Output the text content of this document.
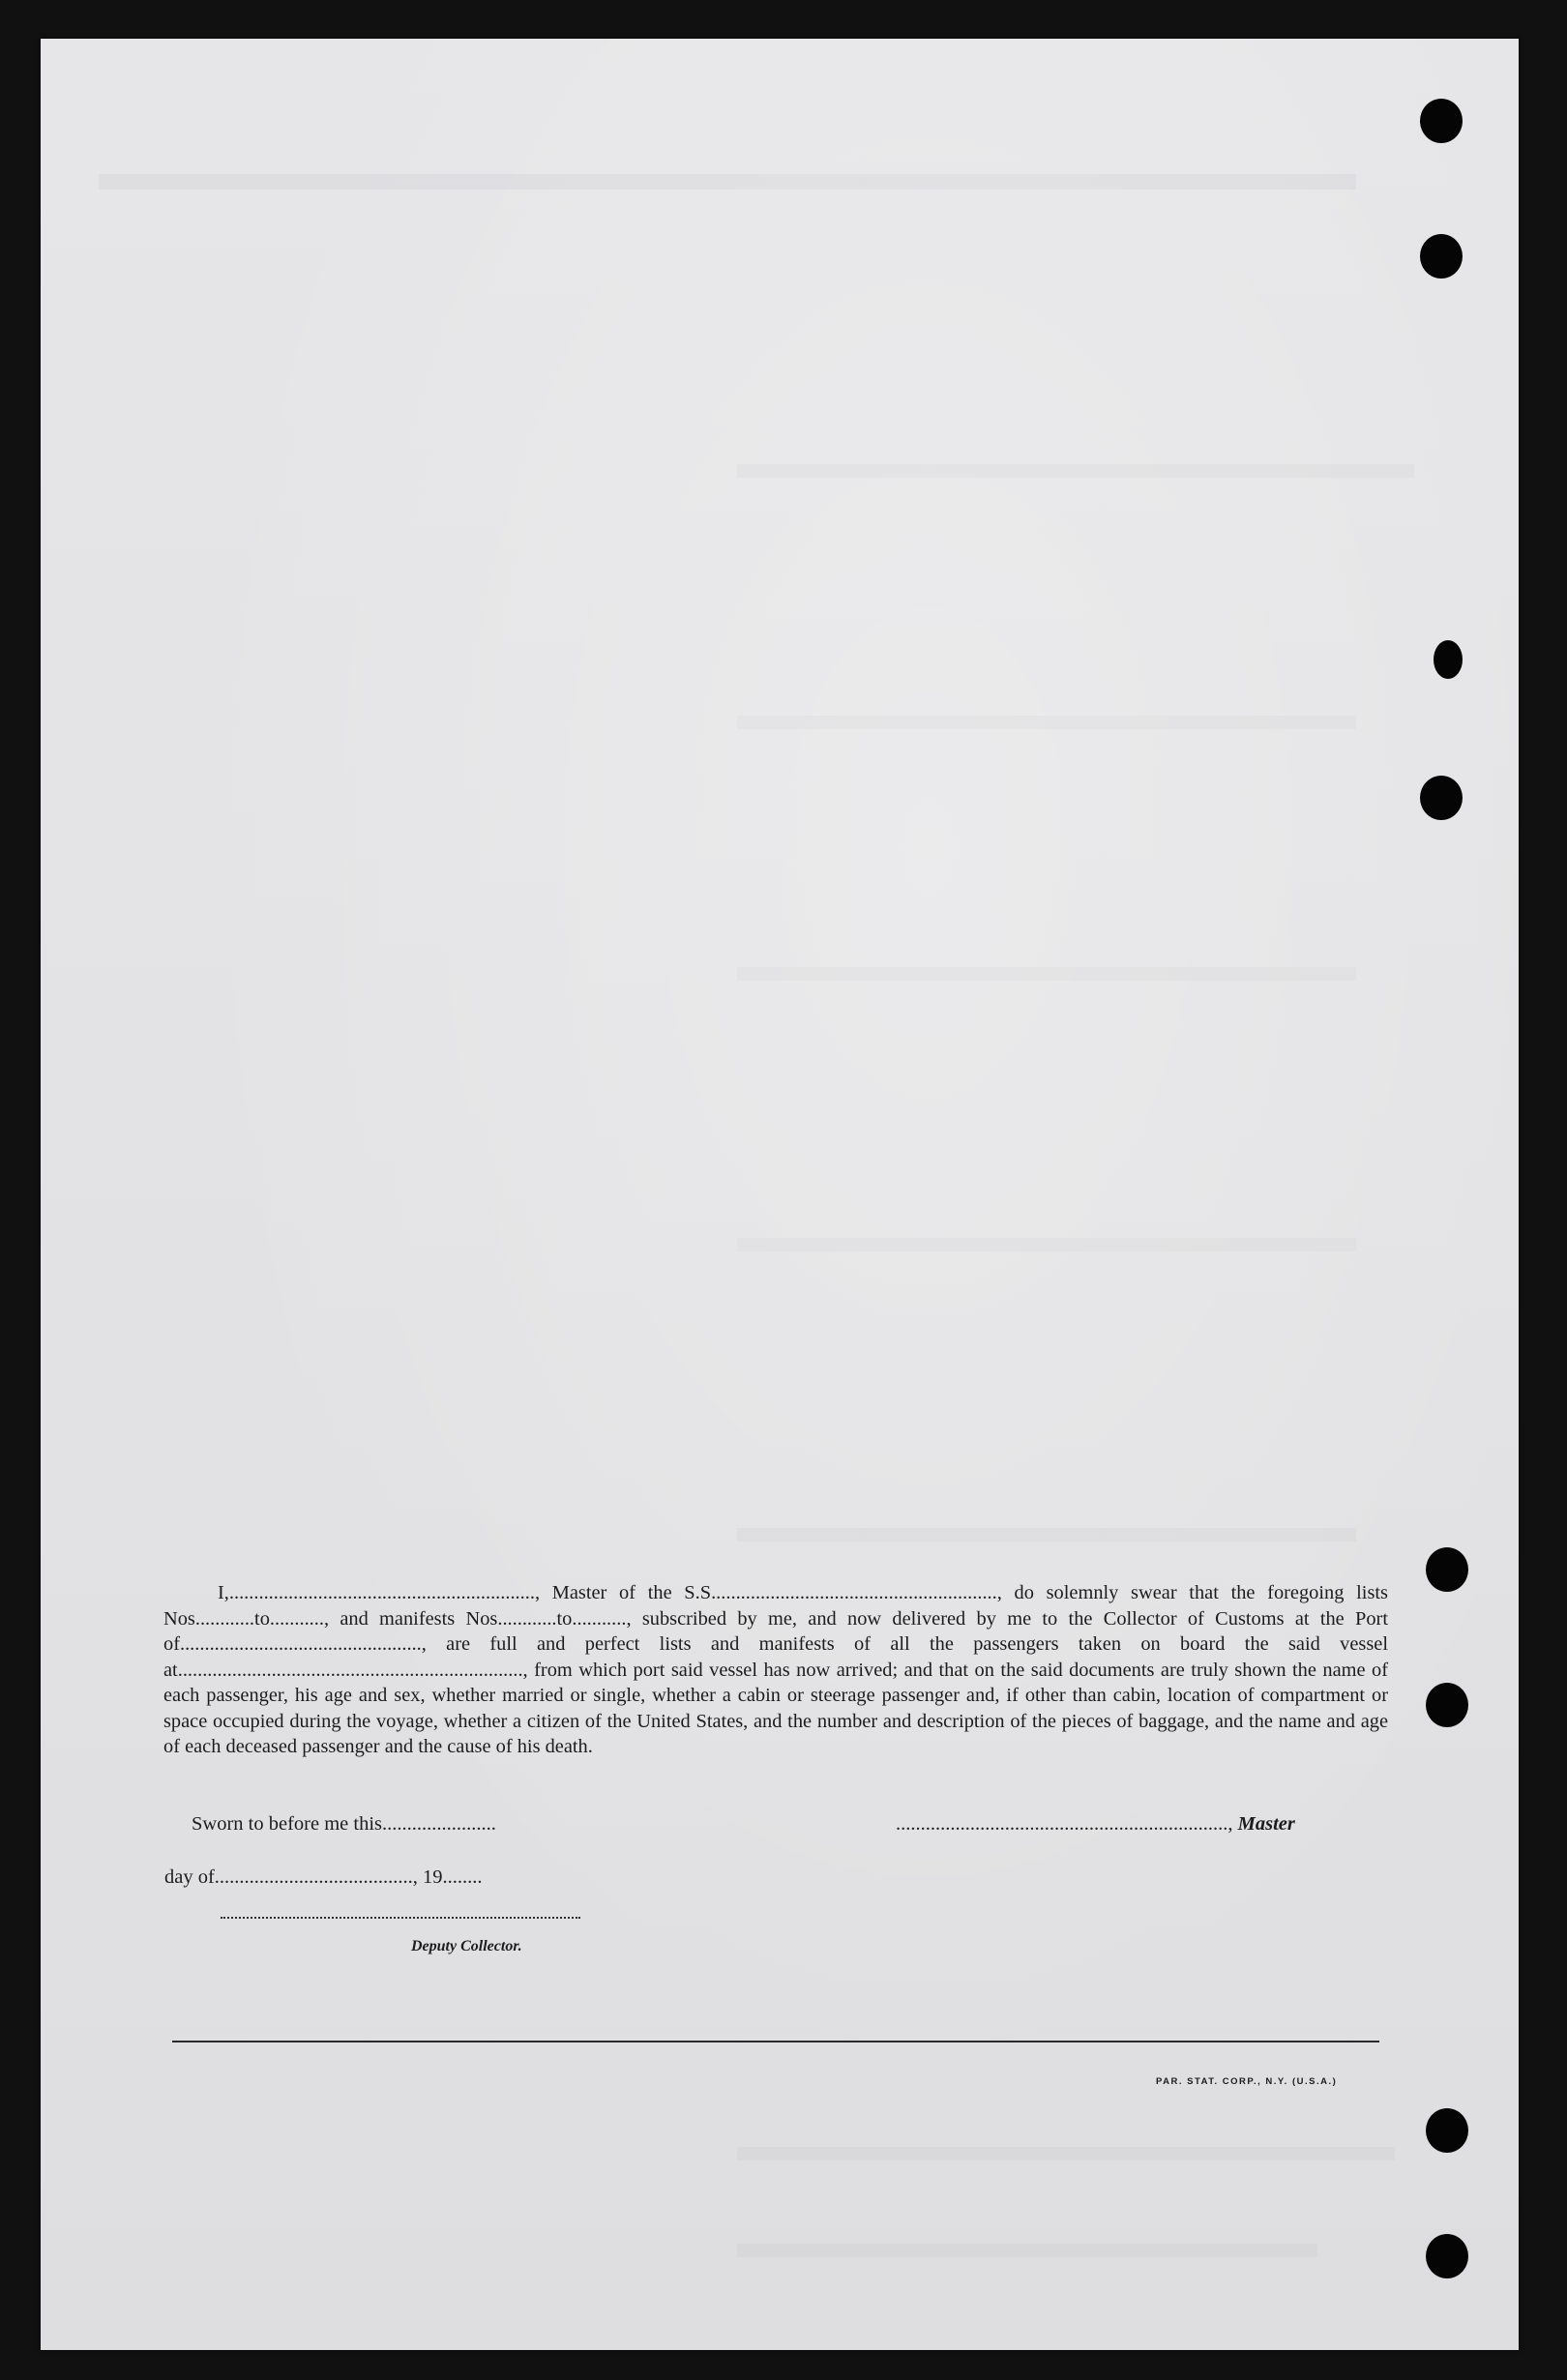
I,.............................................................., Master of the S.S.........................................................., do solemnly swear that the foregoing lists Nos............to..........., and manifests Nos............to..........., subscribed by me, and now delivered by me to the Collector of Customs at the Port of................................................., are full and perfect lists and manifests of all the passengers taken on board the said vessel at......................................................................, from which port said vessel has now arrived; and that on the said documents are truly shown the name of each passenger, his age and sex, whether married or single, whether a cabin or steerage passenger and, if other than cabin, location of compartment or space occupied during the voyage, whether a citizen of the United States, and the number and description of the pieces of baggage, and the name and age of each deceased passenger and the cause of his death.

Sworn to before me this.......................	..................................................................., Master
day of........................................, 19........
Deputy Collector.
PAR. STAT. CORP., N.Y. (U.S.A.)
